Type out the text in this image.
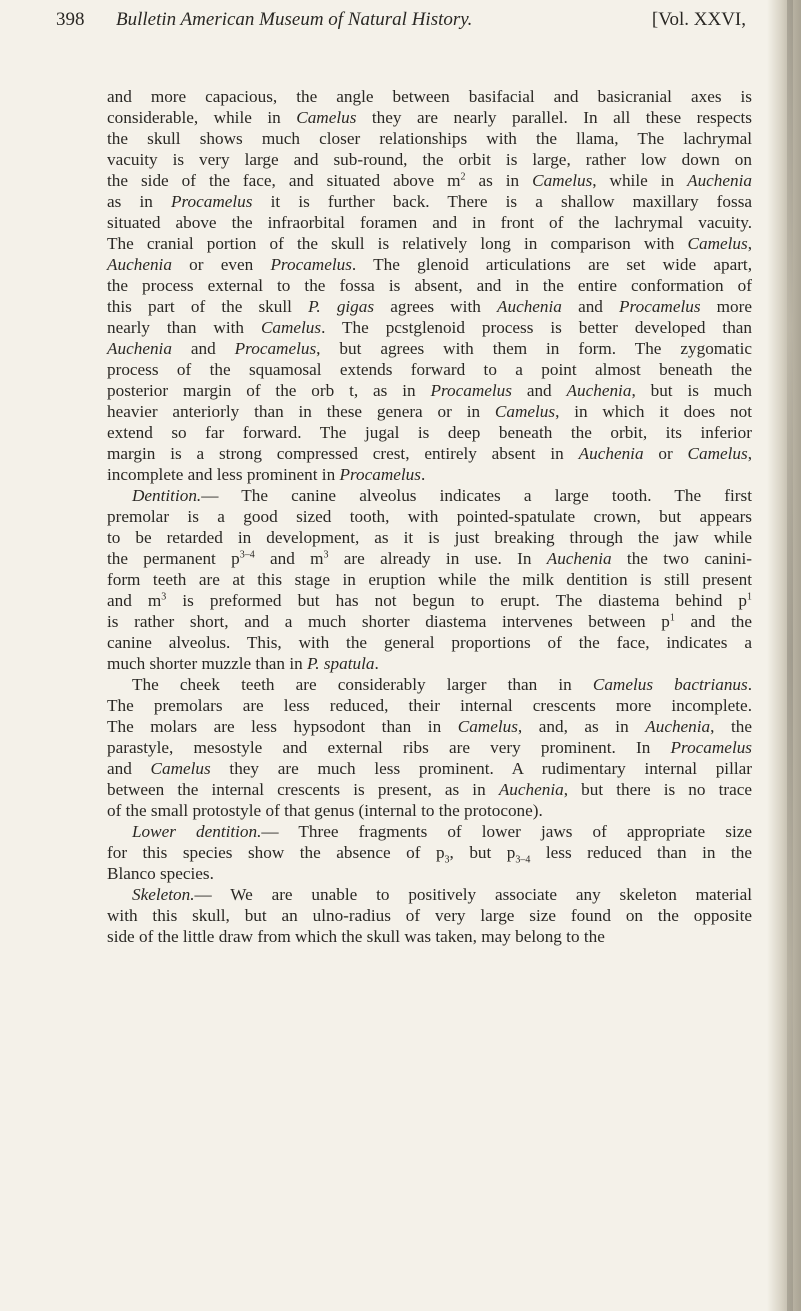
398 Bulletin American Museum of Natural History.	[Vol. XXVI,
and more capacious, the angle between basifacial and basicranial axes is
considerable, while in Camelus they are nearly parallel. In all these respects
the skull shows much closer relationships with the llama, The lachrymal
vacuity is very large and sub-round, the orbit is large, rather low down on
the side of the face, and situated above $m^2$ as in Camelus, while in Auchenia
as in Procamelus it is further back. There is a shallow maxillary fossa
situated above the infraorbital foramen and in front of the lachrymal vacuity.
The cranial portion of the skull is relatively long in comparison with Camelus,
Auchenia or even Procamelus. The glenoid articulations are set wide apart,
the process external to the fossa is absent, and in the entire conformation of
this part of the skull P. gigas agrees with Auchenia and Procamelus more
nearly than with Camelus. The pcstglenoid process is better developed than
Auchenia and Procamelus, but agrees with them in form. The zygomatic
process of the squamosal extends forward to a point almost beneath the
posterior margin of the orb t, as in Procamelus and Auchenia, but is much
heavier anteriorly than in these genera or in Camelus, in which it does not
extend so far forward. The jugal is deep beneath the orbit, its inferior
margin is a strong compressed crest, entirely absent in Auchenia or Camelus,
incomplete and less prominent in Procamelus.
Dentition.— The canine alveolus indicates a large tooth. The first
premolar is a good sized tooth, with pointed-spatulate crown, but appears
to be retarded in development, as it is just breaking through the jaw while
the permanent $p^{3-4}$ and $m^3$ are already in use. In Auchenia the two canini-
form teeth are at this stage in eruption while the milk dentition is still present
and $m^3$ is preformed but has not begun to erupt. The diastema behind $p^1$
is rather short, and a much shorter diastema intervenes between $p^1$ and the
canine alveolus. This, with the general proportions of the face, indicates a
much shorter muzzle than in P. spatula.
The cheek teeth are considerably larger than in Camelus bactrianus.
The premolars are less reduced, their internal crescents more incomplete.
The molars are less hypsodont than in Camelus, and, as in Auchenia, the
parastyle, mesostyle and external ribs are very prominent. In Procamelus
and Camelus they are much less prominent. A rudimentary internal pillar
between the internal crescents is present, as in Auchenia, but there is no trace
of the small protostyle of that genus (internal to the protocone).
Lower dentition.— Three fragments of lower jaws of appropriate size
for this species show the absence of $p_3$, but $p_{3-4}$ less reduced than in the
Blanco species.
Skeleton.— We are unable to positively associate any skeleton material
with this skull, but an ulno-radius of very large size found on the opposite
side of the little draw from which the skull was taken, may belong to the
